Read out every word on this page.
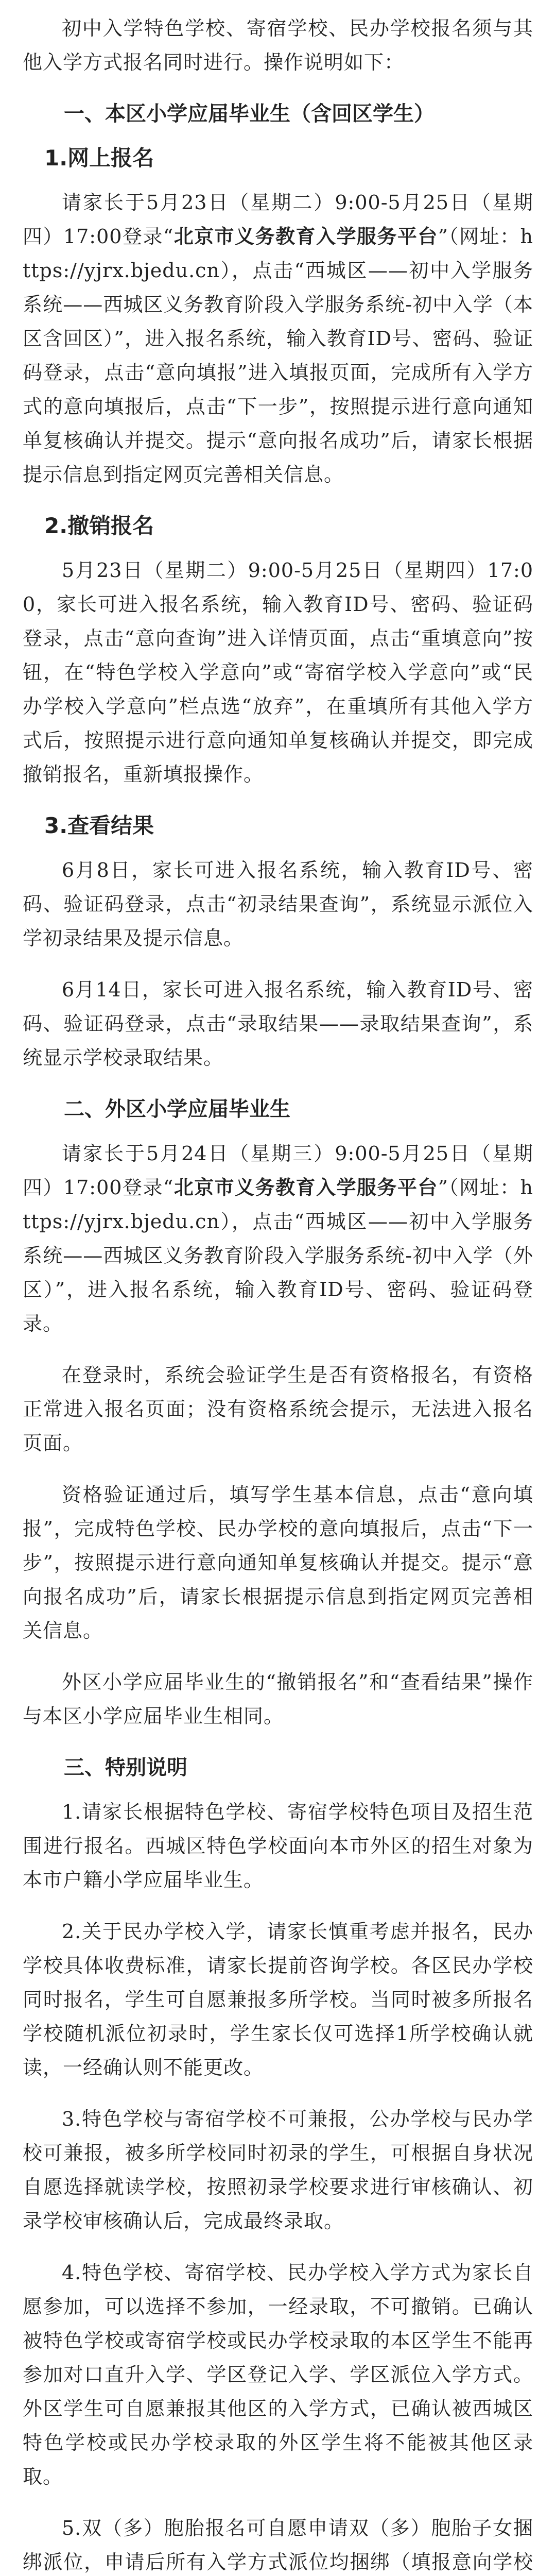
初中入学特色学校、寄宿学校、民办学校报名须与其他入学方式报名同时进行。操作说明如下：

一、本区小学应届毕业生（含回区学生）
1.网上报名

请家长于5月23日（星期二）9:00-5月25日（星期四）17:00登录“北京市义务教育入学服务平台”（网址：https://yjrx.bjedu.cn），点击“西城区——初中入学服务系统——西城区义务教育阶段入学服务系统-初中入学（本区含回区）”，进入报名系统，输入教育ID号、密码、验证码登录，点击“意向填报”进入填报页面，完成所有入学方式的意向填报后，点击“下一步”，按照提示进行意向通知单复核确认并提交。提示“意向报名成功”后，请家长根据提示信息到指定网页完善相关信息。

2.撤销报名

5月23日（星期二）9:00-5月25日（星期四）17:00，家长可进入报名系统，输入教育ID号、密码、验证码登录，点击“意向查询”进入详情页面，点击“重填意向”按钮，在“特色学校入学意向”或“寄宿学校入学意向”或“民办学校入学意向”栏点选“放弃”，在重填所有其他入学方式后，按照提示进行意向通知单复核确认并提交，即完成撤销报名，重新填报操作。

3.查看结果

6月8日，家长可进入报名系统，输入教育ID号、密码、验证码登录，点击“初录结果查询”，系统显示派位入学初录结果及提示信息。

6月14日，家长可进入报名系统，输入教育ID号、密码、验证码登录，点击“录取结果——录取结果查询”，系统显示学校录取结果。

二、外区小学应届毕业生

请家长于5月24日（星期三）9:00-5月25日（星期四）17:00登录“北京市义务教育入学服务平台”（网址：https://yjrx.bjedu.cn），点击“西城区——初中入学服务系统——西城区义务教育阶段入学服务系统-初中入学（外区）”，进入报名系统，输入教育ID号、密码、验证码登录。

在登录时，系统会验证学生是否有资格报名，有资格正常进入报名页面；没有资格系统会提示，无法进入报名页面。

资格验证通过后，填写学生基本信息，点击“意向填报”，完成特色学校、民办学校的意向填报后，点击“下一步”，按照提示进行意向通知单复核确认并提交。提示“意向报名成功”后，请家长根据提示信息到指定网页完善相关信息。

外区小学应届毕业生的“撤销报名”和“查看结果”操作与本区小学应届毕业生相同。

三、特别说明

1.请家长根据特色学校、寄宿学校特色项目及招生范围进行报名。西城区特色学校面向本市外区的招生对象为本市户籍小学应届毕业生。

2.关于民办学校入学，请家长慎重考虑并报名，民办学校具体收费标准，请家长提前咨询学校。各区民办学校同时报名，学生可自愿兼报多所学校。当同时被多所报名学校随机派位初录时，学生家长仅可选择1所学校确认就读，一经确认则不能更改。

3.特色学校与寄宿学校不可兼报，公办学校与民办学校可兼报，被多所学校同时初录的学生，可根据自身状况自愿选择就读学校，按照初录学校要求进行审核确认、初录学校审核确认后，完成最终录取。

4.特色学校、寄宿学校、民办学校入学方式为家长自愿参加，可以选择不参加，一经录取，不可撤销。已确认被特色学校或寄宿学校或民办学校录取的本区学生不能再参加对口直升入学、学区登记入学、学区派位入学方式。外区学生可自愿兼报其他区的入学方式，已确认被西城区特色学校或民办学校录取的外区学生将不能被其他区录取。

5.双（多）胞胎报名可自愿申请双（多）胞胎子女捆绑派位，申请后所有入学方式派位均捆绑（填报意向学校
